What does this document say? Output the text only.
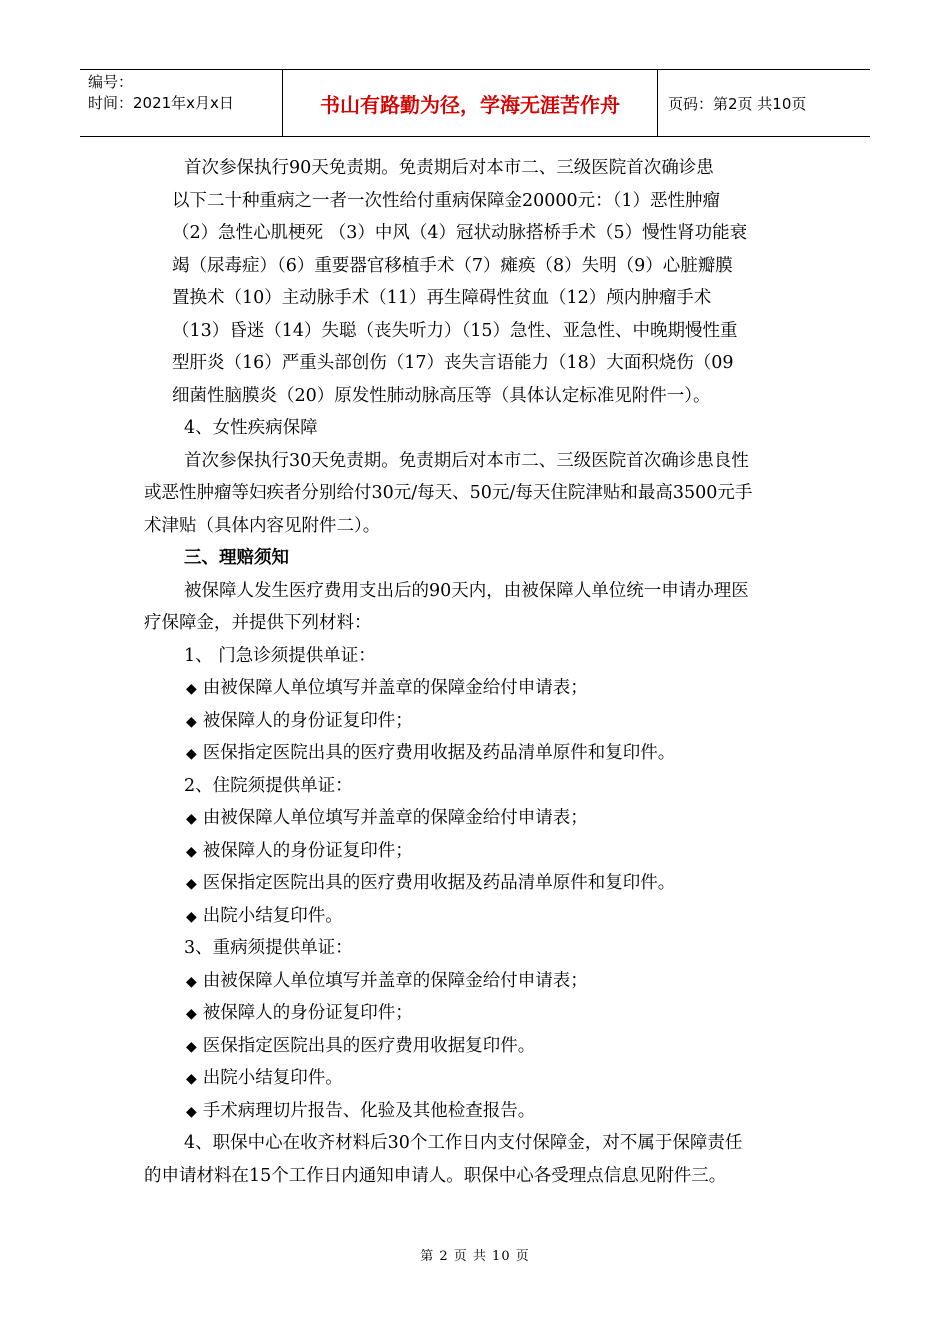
编号：
时间：2021年x月x日	书山有路勤为径，学海无涯苦作舟	页码：第2页 共10页
首次参保执行90天免责期。免责期后对本市二、三级医院首次确诊患
以下二十种重病之一者一次性给付重病保障金20000元：（1）恶性肿瘤
（2）急性心肌梗死 （3）中风（4）冠状动脉搭桥手术（5）慢性肾功能衰
竭（尿毒症）（6）重要器官移植手术（7）瘫痪（8）失明（9）心脏瓣膜
置换术（10）主动脉手术（11）再生障碍性贫血（12）颅内肿瘤手术
（13）昏迷（14）失聪（丧失听力）（15）急性、亚急性、中晚期慢性重
型肝炎（16）严重头部创伤（17）丧失言语能力（18）大面积烧伤（09
细菌性脑膜炎（20）原发性肺动脉高压等（具体认定标准见附件一）。
4、女性疾病保障
首次参保执行30天免责期。免责期后对本市二、三级医院首次确诊患良性
或恶性肿瘤等妇疾者分别给付30元/每天、50元/每天住院津贴和最高3500元手
术津贴（具体内容见附件二）。
三、理赔须知
被保障人发生医疗费用支出后的90天内，由被保障人单位统一申请办理医
疗保障金，并提供下列材料：
1、 门急诊须提供单证：
◆ 由被保障人单位填写并盖章的保障金给付申请表；
◆ 被保障人的身份证复印件；
◆ 医保指定医院出具的医疗费用收据及药品清单原件和复印件。
2、住院须提供单证：
◆ 由被保障人单位填写并盖章的保障金给付申请表；
◆ 被保障人的身份证复印件；
◆ 医保指定医院出具的医疗费用收据及药品清单原件和复印件。
◆ 出院小结复印件。
3、重病须提供单证：
◆ 由被保障人单位填写并盖章的保障金给付申请表；
◆ 被保障人的身份证复印件；
◆ 医保指定医院出具的医疗费用收据复印件。
◆ 出院小结复印件。
◆ 手术病理切片报告、化验及其他检查报告。
4、职保中心在收齐材料后30个工作日内支付保障金，对不属于保障责任
的申请材料在15个工作日内通知申请人。职保中心各受理点信息见附件三。
第 2 页 共 10 页
